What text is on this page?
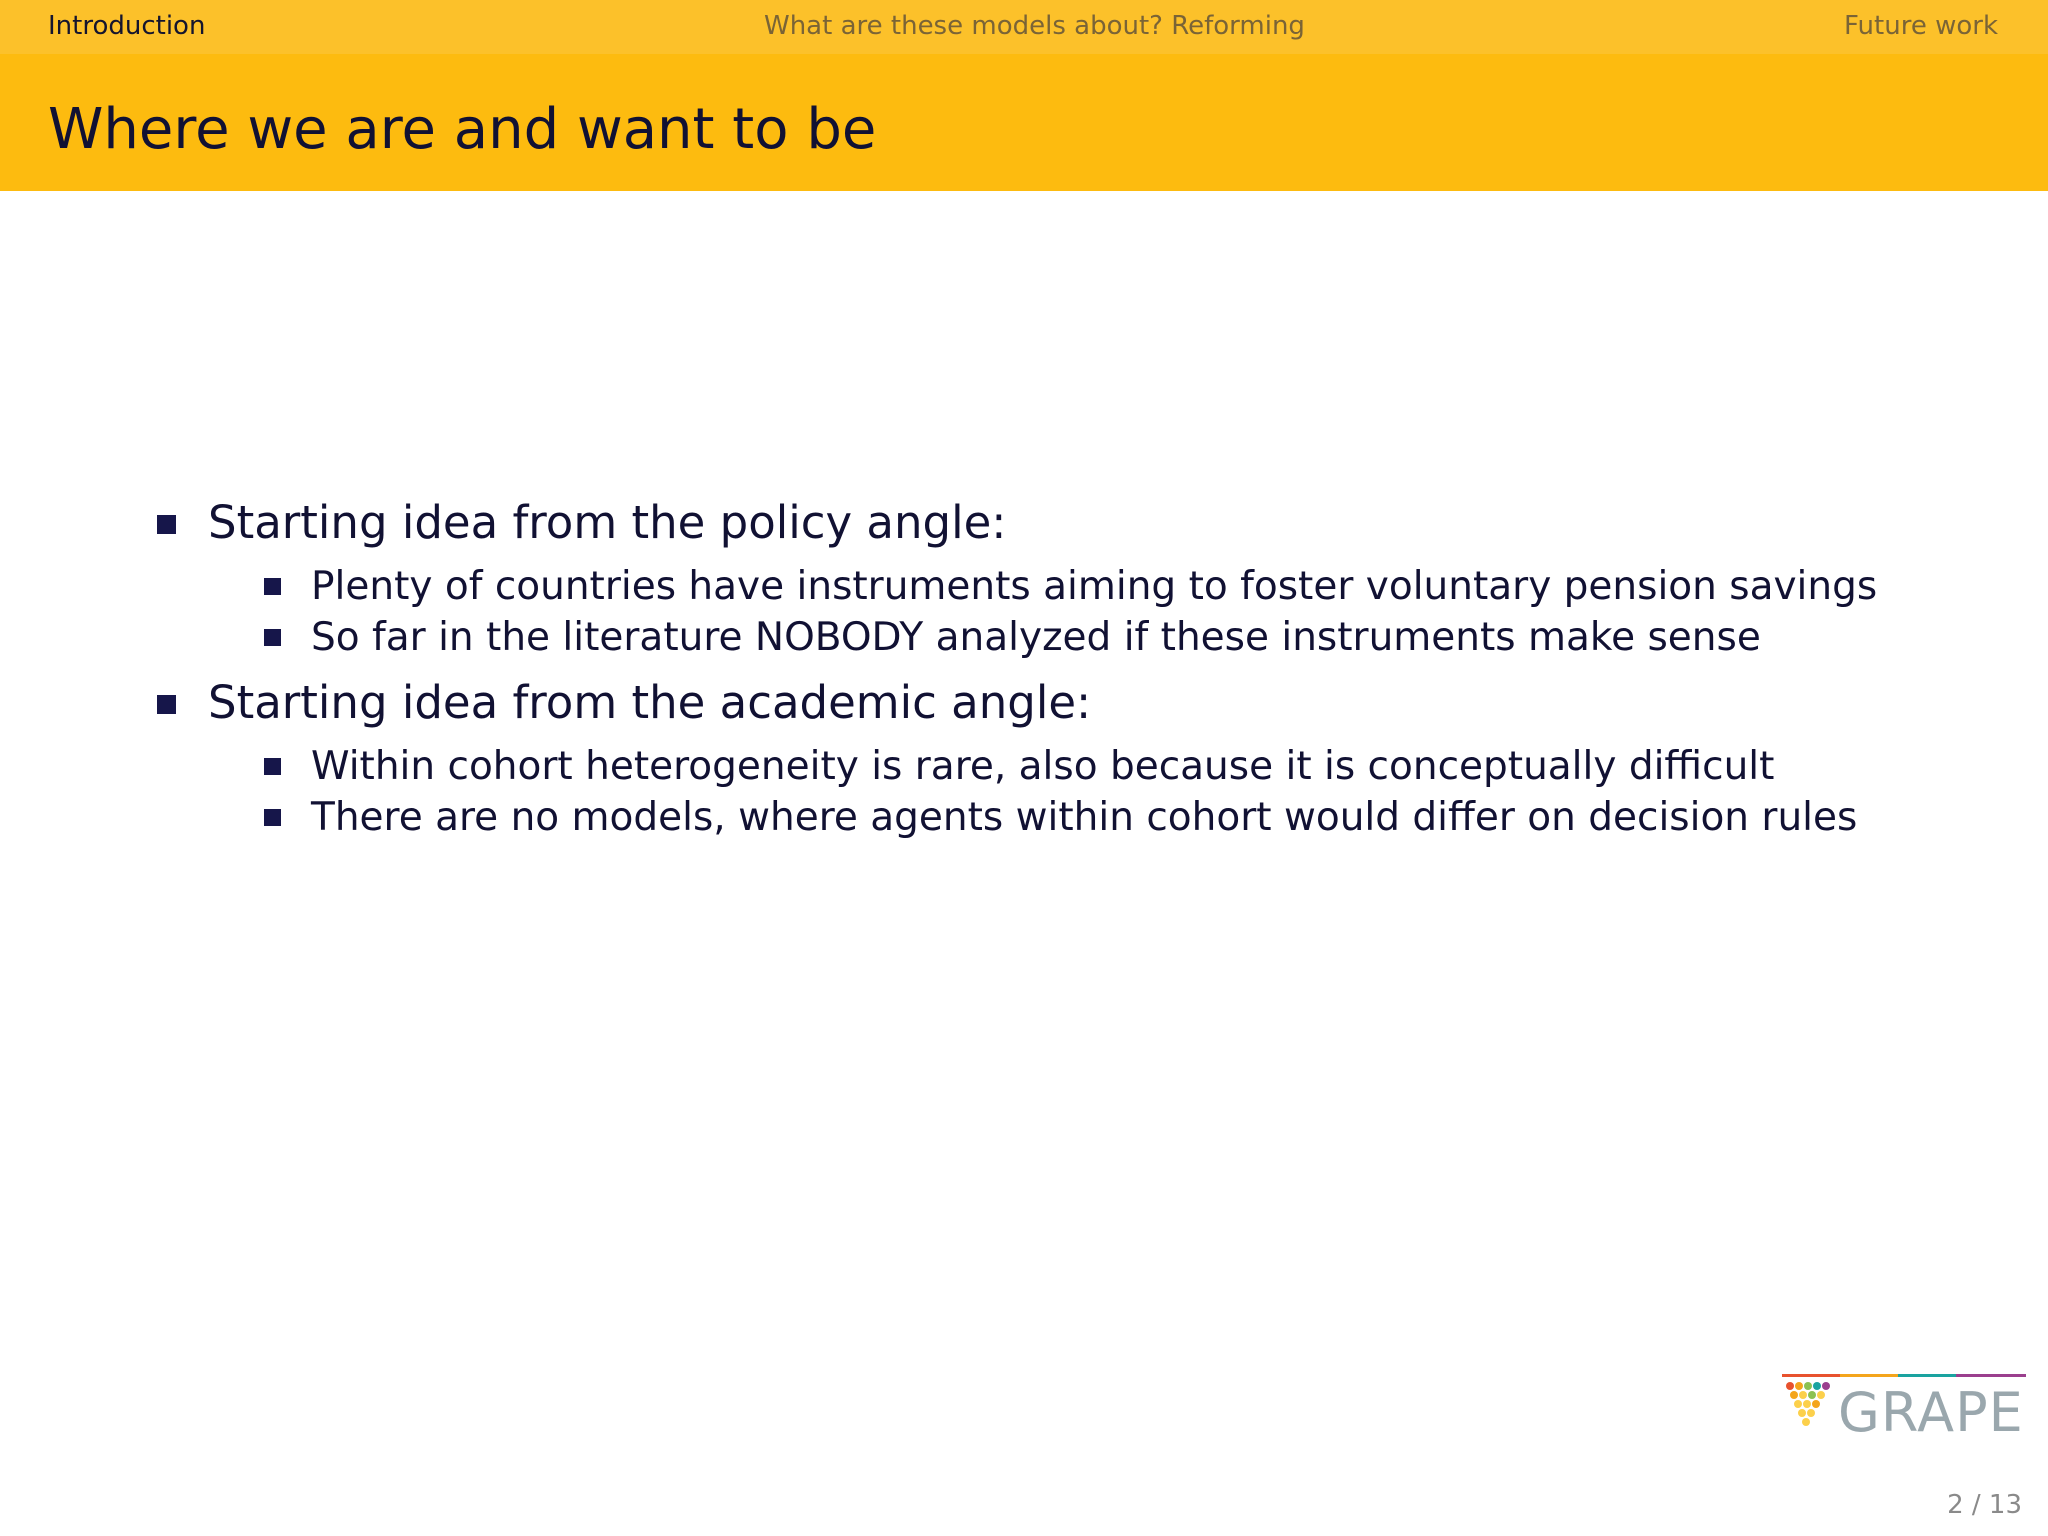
Introduction	What are these models about? Reforming	Future work
Where we are and want to be
Starting idea from the policy angle:
Plenty of countries have instruments aiming to foster voluntary pension savings
So far in the literature NOBODY analyzed if these instruments make sense
Starting idea from the academic angle:
Within cohort heterogeneity is rare, also because it is conceptually difficult
There are no models, where agents within cohort would differ on decision rules
GRAPE
2 / 13
